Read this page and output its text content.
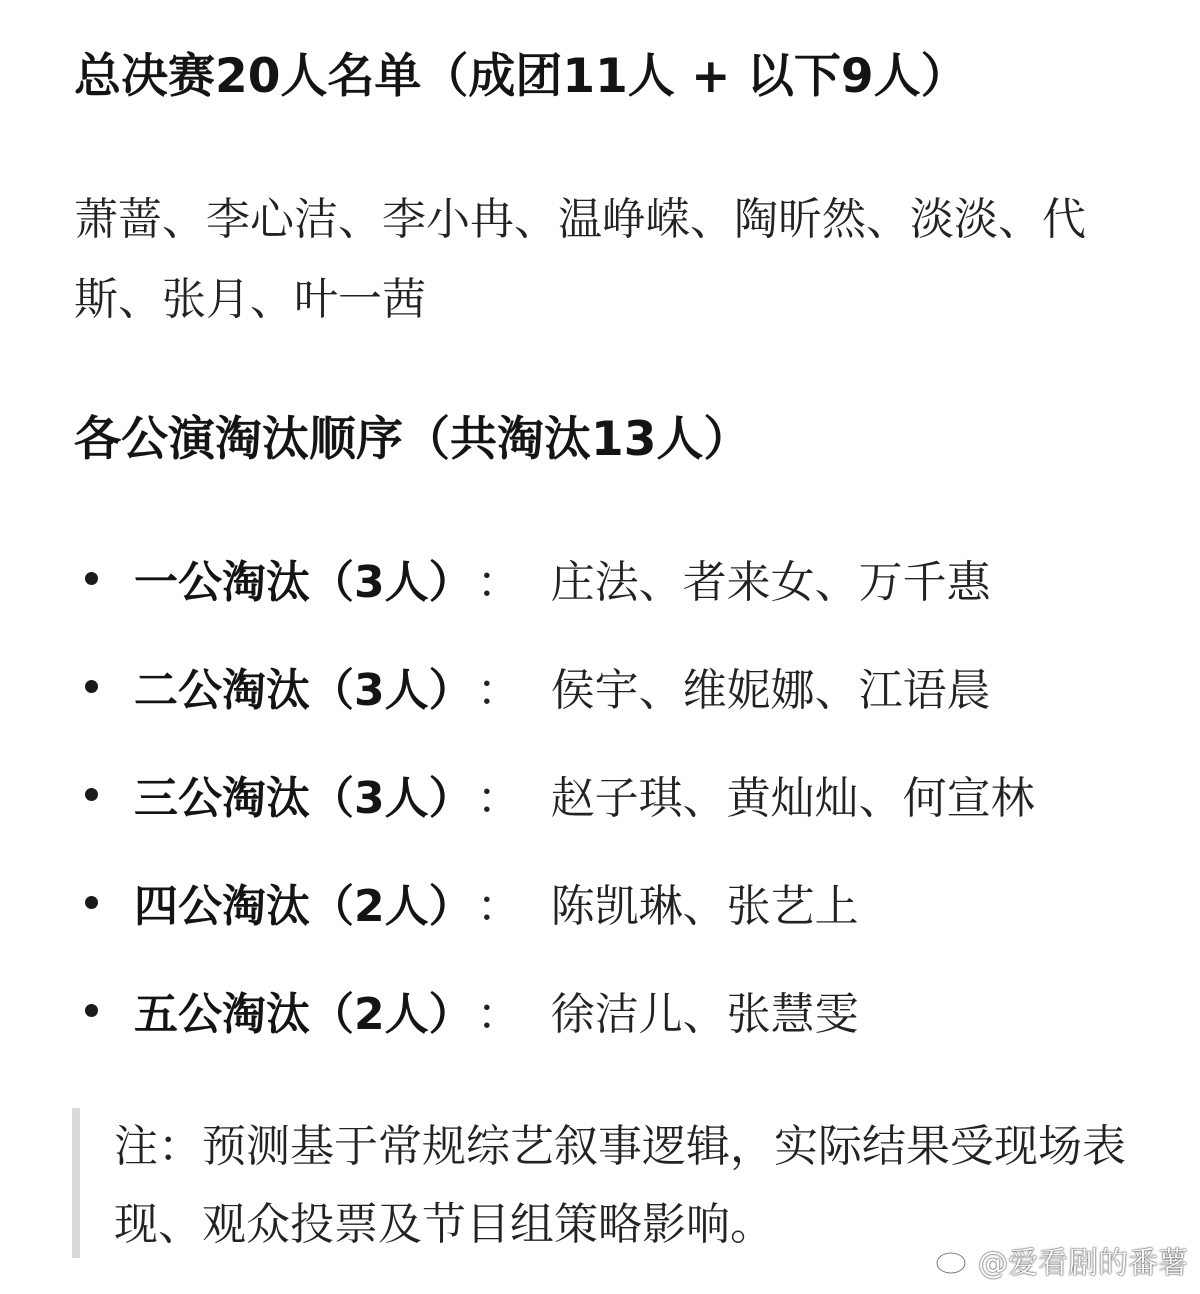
总决赛20人名单（成团11人 + 以下9人）

萧蔷、李心洁、李小冉、温峥嵘、陶昕然、淡淡、代斯、张月、叶一茜

各公演淘汰顺序（共淘汰13人）
一公淘汰（3人） ： 庄法、者来女、万千惠
二公淘汰（3人） ： 侯宇、维妮娜、江语晨
三公淘汰（3人） ： 赵子琪、黄灿灿、何宣林
四公淘汰（2人） ： 陈凯琳、张艺上
五公淘汰（2人） ： 徐洁儿、张慧雯

注：预测基于常规综艺叙事逻辑，实际结果受现场表现、观众投票及节目组策略影响。

@爱看剧的番薯
